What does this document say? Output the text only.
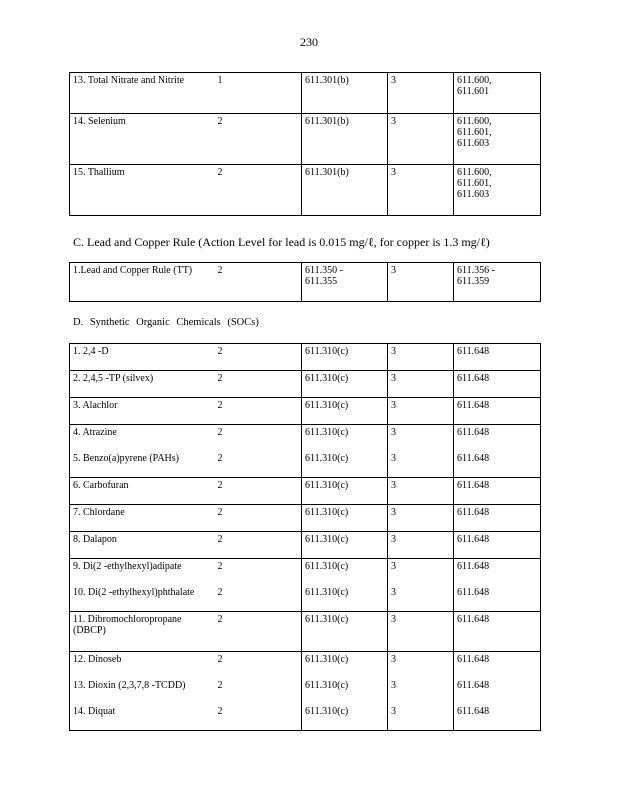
230
13. Total Nitrate and Nitrite	1	611.301(b)	3	611.600,
611.601
14. Selenium	2	611.301(b)	3	611.600,
611.601,
611.603
15. Thallium	2	611.301(b)	3	611.600,
611.601,
611.603
C. Lead and Copper Rule (Action Level for lead is 0.015 mg/ℓ, for copper is 1.3 mg/ℓ)
1.Lead and Copper Rule (TT)	2	611.350 -
611.355	3	611.356 -
611.359
D. Synthetic Organic Chemicals (SOCs)
1. 2,4 -D	2	611.310(c)	3	611.648
2. 2,4,5 -TP (silvex)	2	611.310(c)	3	611.648
3. Alachlor	2	611.310(c)	3	611.648
4. Atrazine	2	611.310(c)	3	611.648
5. Benzo(a)pyrene (PAHs)	2	611.310(c)	3	611.648
6. Carbofuran	2	611.310(c)	3	611.648
7. Chlordane	2	611.310(c)	3	611.648
8. Dalapon	2	611.310(c)	3	611.648
9. Di(2 -ethylhexyl)adipate	2	611.310(c)	3	611.648
10. Di(2 -ethylhexyl)phthalate	2	611.310(c)	3	611.648
11. Dibromochloropropane
(DBCP)	2	611.310(c)	3	611.648
12. Dinoseb	2	611.310(c)	3	611.648
13. Dioxin (2,3,7,8 -TCDD)	2	611.310(c)	3	611.648
14. Diquat	2	611.310(c)	3	611.648
